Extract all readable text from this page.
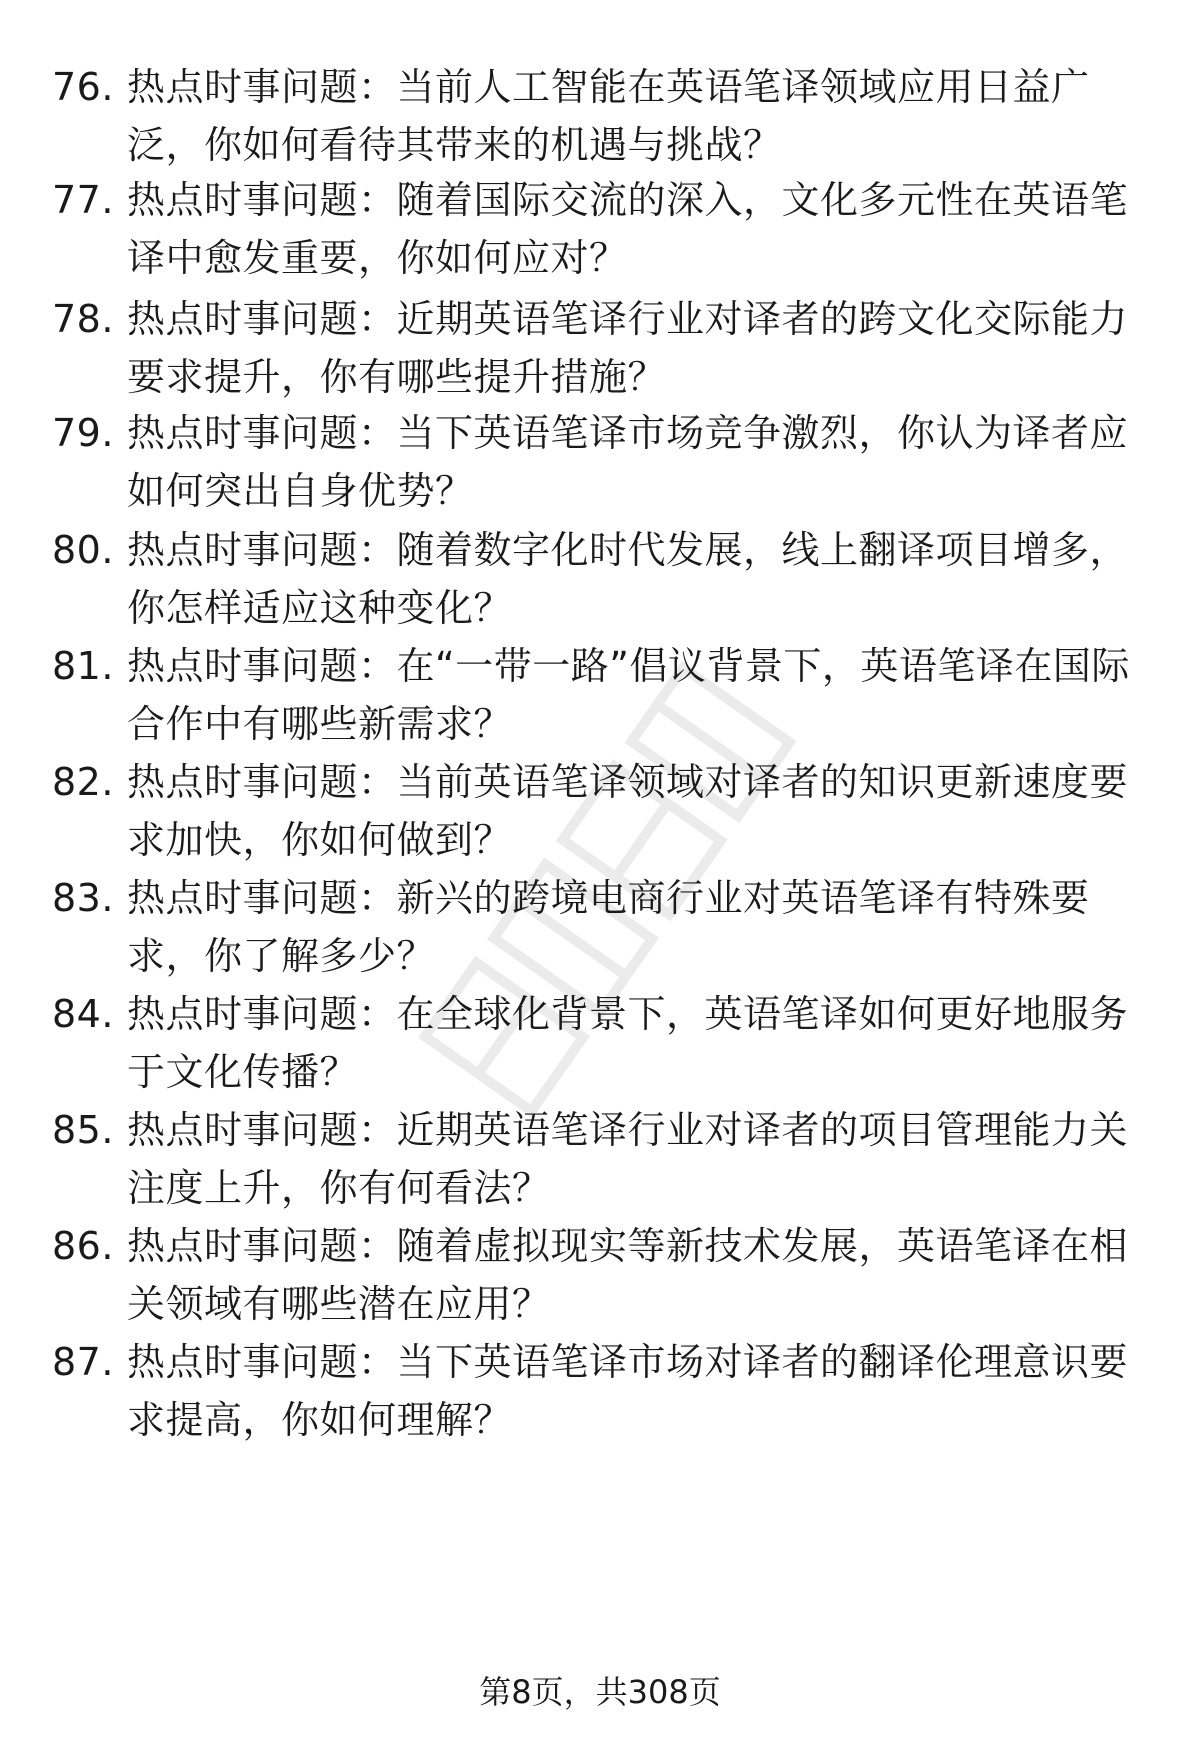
76. 热点时事问题：当前人工智能在英语笔译领域应用日益广泛，你如何看待其带来的机遇与挑战？
77. 热点时事问题：随着国际交流的深入，文化多元性在英语笔译中愈发重要，你如何应对？
78. 热点时事问题：近期英语笔译行业对译者的跨文化交际能力要求提升，你有哪些提升措施？
79. 热点时事问题：当下英语笔译市场竞争激烈，你认为译者应如何突出自身优势？
80. 热点时事问题：随着数字化时代发展，线上翻译项目增多，你怎样适应这种变化？
81. 热点时事问题：在“一带一路”倡议背景下，英语笔译在国际合作中有哪些新需求？
82. 热点时事问题：当前英语笔译领域对译者的知识更新速度要求加快，你如何做到？
83. 热点时事问题：新兴的跨境电商行业对英语笔译有特殊要求，你了解多少？
84. 热点时事问题：在全球化背景下，英语笔译如何更好地服务于文化传播？
85. 热点时事问题：近期英语笔译行业对译者的项目管理能力关注度上升，你有何看法？
86. 热点时事问题：随着虚拟现实等新技术发展，英语笔译在相关领域有哪些潜在应用？
87. 热点时事问题：当下英语笔译市场对译者的翻译伦理意识要求提高，你如何理解？
第8页，共308页
